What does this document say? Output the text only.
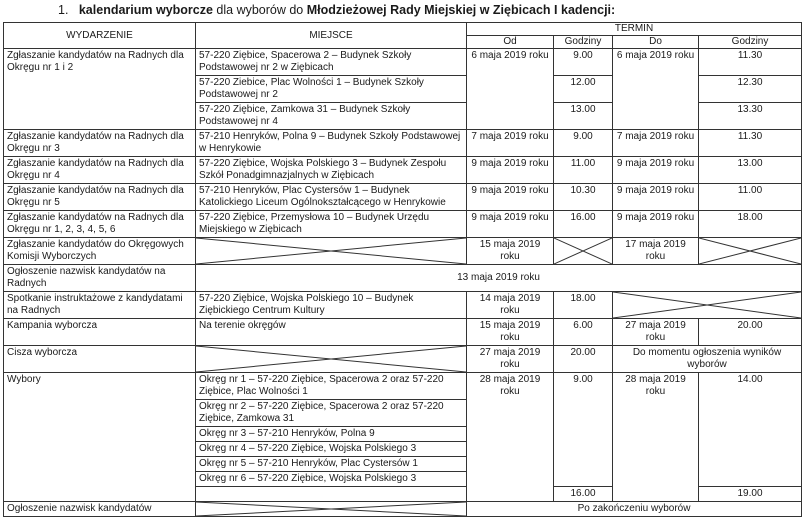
1. kalendarium wyborcze dla wyborów do Młodzieżowej Rady Miejskiej w Ziębicach I kadencji:
WYDARZENIE	MIEJSCE	TERMIN			
		Od	Godziny	Do	Godziny
Zgłaszanie kandydatów na Radnych dla Okręgu nr 1 i 2	57-220 Ziębice, Spacerowa 2 – Budynek Szkoły Podstawowej nr 2 w Ziębicach	6 maja 2019 roku	9.00	6 maja 2019 roku	11.30
	57-220 Ziebice, Plac Wolności 1 – Budynek Szkoły Podstawowej nr 2		12.00		12.30
	57-220 Ziębice, Zamkowa 31 – Budynek Szkoły Podstawowej nr 4		13.00		13.30
Zgłaszanie kandydatów na Radnych dla Okręgu nr 3	57-210 Henryków, Polna 9 – Budynek Szkoły Podstawowej w Henrykowie	7 maja 2019 roku	9.00	7 maja 2019 roku	11.30
Zgłaszanie kandydatów na Radnych dla Okręgu nr 4	57-220 Ziębice, Wojska Polskiego 3 – Budynek Zespołu Szkół Ponadgimnazjalnych w Ziębicach	9 maja 2019 roku	11.00	9 maja 2019 roku	13.00
Zgłaszanie kandydatów na Radnych dla Okręgu nr 5	57-210 Henryków, Plac Cystersów 1 – Budynek Katolickiego Liceum Ogólnokształcącego w Henrykowie	9 maja 2019 roku	10.30	9 maja 2019 roku	11.00
Zgłaszanie kandydatów na Radnych dla Okręgu nr 1, 2, 3, 4, 5, 6	57-220 Ziębice, Przemysłowa 10 – Budynek Urzędu Miejskiego w Ziębicach	9 maja 2019 roku	16.00	9 maja 2019 roku	18.00
Zgłaszanie kandydatów do Okręgowych Komisji Wyborczych		15 maja 2019 roku		17 maja 2019 roku	

Ogłoszenie nazwisk kandydatów na Radnych	13 maja 2019 roku				
Spotkanie instruktażowe z kandydatami na Radnych	57-220 Ziębice, Wojska Polskiego 10 – Budynek Ziębickiego Centrum Kultury	14 maja 2019 roku	18.00	

Kampania wyborcza	Na terenie okręgów	15 maja 2019 roku	6.00	27 maja 2019 roku	20.00
Cisza wyborcza		27 maja 2019 roku	20.00	Do momentu ogłoszenia wyników wyborów	
Wybory	Okręg nr 1 – 57-220 Ziębice, Spacerowa 2 oraz 57-220 Ziębice, Plac Wolności 1	28 maja 2019 roku	9.00	28 maja 2019 roku	14.00
	Okręg nr 2 – 57-220 Ziębice, Spacerowa 2 oraz 57-220 Ziębice, Zamkowa 31				
	Okręg nr 3 – 57-210 Henryków, Polna 9				
	Okręg nr 4 – 57-220 Ziębice, Wojska Polskiego 3				
	Okręg nr 5 – 57-210 Henryków, Plac Cystersów 1				
	Okręg nr 6 – 57-220 Ziębice, Wojska Polskiego 3				
			16.00		19.00
Ogłoszenie nazwisk kandydatów		Po zakończeniu wyborów			
